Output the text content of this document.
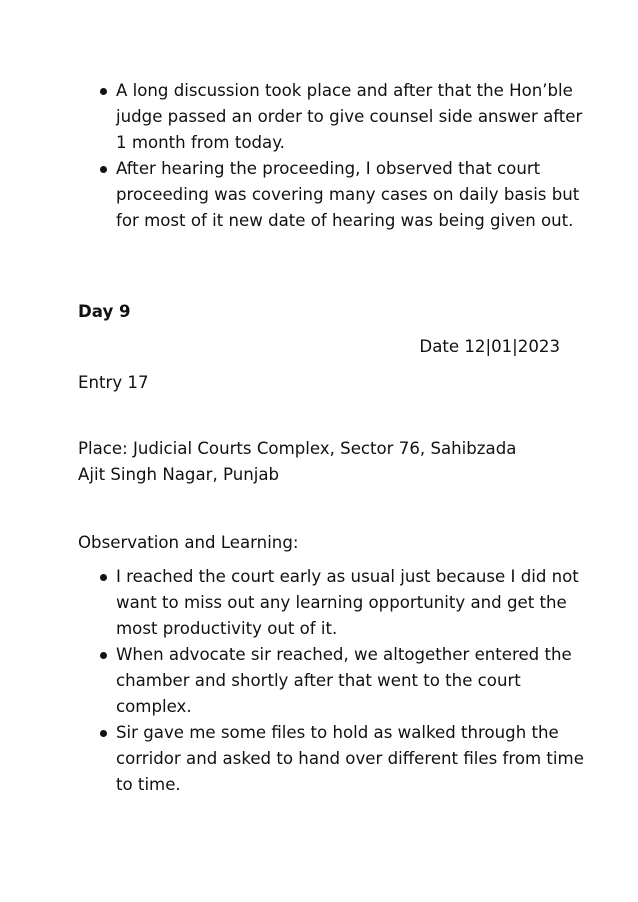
A long discussion took place and after that the Hon’ble judge passed an order to give counsel side answer after 1 month from today.
After hearing the proceeding, I observed that court proceeding was covering many cases on daily basis but for most of it new date of hearing was being given out.
Day 9
Date 12|01|2023
Entry 17
Place: Judicial Courts Complex, Sector 76, Sahibzada Ajit Singh Nagar, Punjab
Observation and Learning:
I reached the court early as usual just because I did not want to miss out any learning opportunity and get the most productivity out of it.
When advocate sir reached, we altogether entered the chamber and shortly after that went to the court complex.
Sir gave me some files to hold as walked through the corridor and asked to hand over different files from time to time.
